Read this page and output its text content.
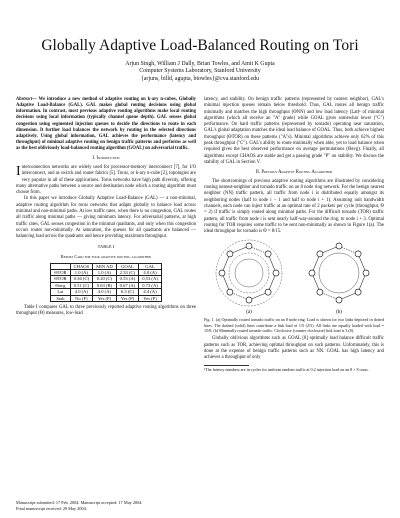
Globally Adaptive Load-Balanced Routing on Tori
Arjun Singh, William J Dally, Brian Towles, and Amit K Gupta
Computer Systems Laboratory, Stanford University
{arjuns, billd, agupta, btowles}@cva.stanford.edu

Abstract— We introduce a new method of adaptive routing on k-ary n-cubes, Globally Adaptive Load-Balance (GAL). GAL makes global routing decisions using global information. In contrast, most previous adaptive routing algorithms make local routing decisions using local information (typically channel queue depth). GAL senses global congestion using segmented injection queues to decide the directions to route in each dimension. It further load balances the network by routing in the selected directions adaptively. Using global information, GAL achieves the performance (latency and throughput) of minimal adaptive routing on benign traffic patterns and performs as well as the best obliviously load-balanced routing algorithm (GOAL) on adversarial traffic.

I. Introduction

Interconnection networks are widely used for processor-memory interconnect [7], for I/O interconnect, and as switch and router fabrics [5]. Torus, or k-ary n-cube [2], topologies are very popular in all of these applications. Torus networks have high path diversity, offering many alternative paths between a source and destination node which a routing algorithm must choose from.

In this paper we introduce Globally Adaptive Load-Balance (GAL) — a non-minimal, adaptive routing algorithm for torus networks that adapts globally to balance load across minimal and non-minimal paths. At low traffic rates, when there is no congestion, GAL routes all traffic along minimal paths — giving minimum latency. For adversarial patterns, at high traffic rates, GAL senses congestion in the minimal quadrants, and only when this congestion occurs routes non-minimally. At saturation, the queues for all quadrants are balanced — balancing load across the quadrants and hence providing maximum throughput.

TABLE I
Report Card for four adaptive routing algorithms
	CHAOS	MIN AD	GOAL	GAL
ΘTOR	1.0 (A)	1.0 (A)	2.33 (C)	4.0 (A)
ΘTOR	0.36 (C)	0.20 (C)	0.53 (A)	0.53 (A)
Θavg	0.51 (C)	0.63 (B)	0.67 (A)	0.73 (A)
Lat	4.0 (A)	4.0 (A)	6.3 (C)	4.4 (A)
Stab	No (F)	Yes (P)	Yes (P)	Yes (P)

Table I compares GAL to three previously reported adaptive routing algorithms on three throughput (Θ) measures, low-load

Manuscript submitted: 17 Feb. 2004. Manuscript accepted: 17 May 2004.
Final manuscript received: 29 May 2004.

latency, and stability. On benign traffic patterns (represented by nearest neighbor), GAL's minimal injection queues remain below threshold. Thus, GAL routes all benign traffic minimally and matches the high throughput (ΘNN) and low load latency (Lat)¹ of minimal algorithms (which all receive an "A" grade) while GOAL gives somewhat lower ("C") performance. On hard traffic patterns (represented by tornado) operating near saturation, GAL's global adaptation matches the ideal load balance of GOAL. Thus, both achieve highest throughput (ΘTOR) on these patterns ("A"s). Minimal algorithms achieve only 62% of this peak throughput ("C"). GAL's ability to route minimally when able, yet to load balance when required gives the best observed performance on average permutations (Θavg). Finally, all algorithms except CHAOS are stable and get a passing grade "P" on stability. We discuss the stability of GAL in Section V.

II. Previous Adaptive Routing Algorithms

The shortcomings of previous adaptive routing algorithms are illustrated by considering routing nearest-neighbor and tornado traffic on an 8 node ring network. For the benign nearest neighbor (NN) traffic pattern, all traffic from node i is distributed equally amongst its neighboring nodes (half to node i − 1 and half to node i + 1). Assuming unit bandwidth channels, each node can inject traffic at an optimal rate of 2 packets per cycle (throughput, Θ = 2) if traffic is simply routed along minimal paths. For the difficult tornado (TOR) traffic pattern, all traffic from node i is sent nearly half-way-around the ring, to node i + 3. Optimal routing for TOR requires some traffic to be sent non-minimally as shown in Figure 1(a). The ideal throughput for tornado is Θ = 8/15.

(a)	(b)

Fig. 1. (a) Optimally routed tornado traffic on an 8 node ring. Load is shown for two links depicted in dotted lines. The dashed (solid) lines contribute a link load of 1/5 (2/5). All links are equally loaded with load = 15/8. (b) Minimally routed tornado traffic. Clockwise (counter clockwise) link load is 3 (0).

Globally oblivious algorithms such as GOAL [8] optimally load balance difficult traffic patterns such as TOR, achieving optimal throughput on such patterns. Unfortunately, this is done at the expense of benign traffic patterns such as NN. GOAL has high latency and achieves a throughput of only

¹The latency numbers are in cycles for uniform random traffic at 0.2 injection load on an 8 × 8 torus.
